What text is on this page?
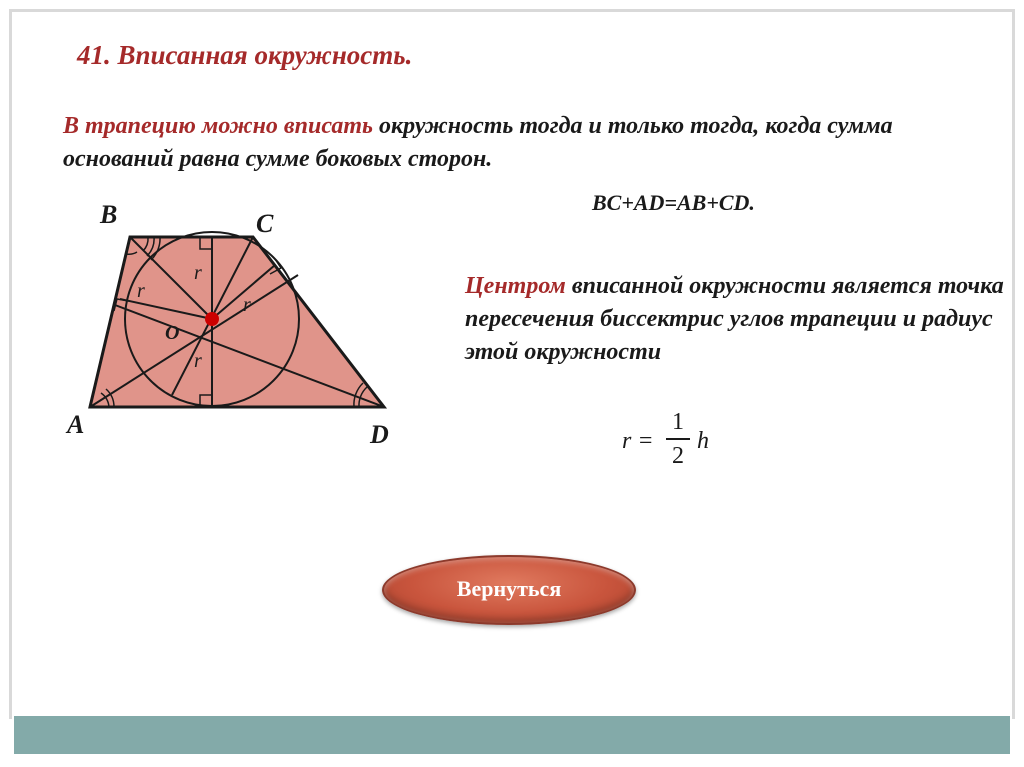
41. Вписанная окружность.
В трапецию можно вписать окружность тогда и только тогда, когда сумма оснований равна сумме боковых сторон.
BC+AD=AB+CD.
Центром вписанной окружности является точка пересечения биссектрис углов трапеции и радиус этой окружности
r =
1
2
h
B	C
A	D
O
r
r
r
r
Вернуться
